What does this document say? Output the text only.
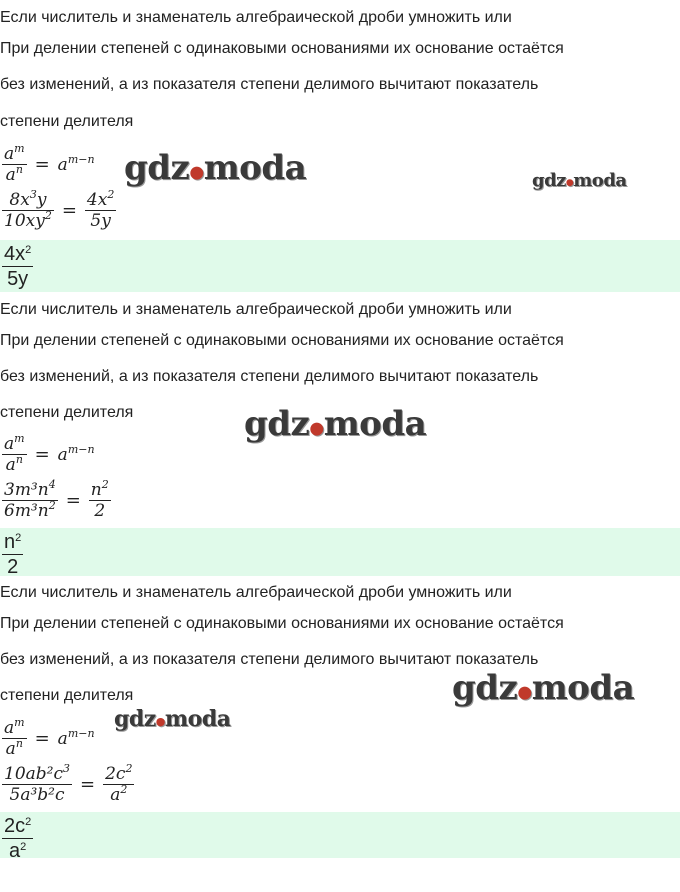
Если числитель и знаменатель алгебраической дроби умножить или
При делении степеней с одинаковыми основаниями их основание остаётся
без изменений, а из показателя степени делимого вычитают показатель
степени делителя
$\frac{a^m}{a^n} = a^{m-n}$
$\frac{8x^3y}{10xy^2} = \frac{4x^2}{5y}$
$\frac{4x^2}{5y}$
gdz●moda	gdz●moda
Если числитель и знаменатель алгебраической дроби умножить или
При делении степеней с одинаковыми основаниями их основание остаётся
без изменений, а из показателя степени делимого вычитают показатель
степени делителя
$\frac{a^m}{a^n} = a^{m-n}$
$\frac{3m^3n^4}{6m^3n^2} = \frac{n^2}{2}$
$\frac{n^2}{2}$
gdz●moda
Если числитель и знаменатель алгебраической дроби умножить или
При делении степеней с одинаковыми основаниями их основание остаётся
без изменений, а из показателя степени делимого вычитают показатель
степени делителя
$\frac{a^m}{a^n} = a^{m-n}$
$\frac{10ab^2c^3}{\text{5a³b²c}} = \frac{2c^2}{a^2}$
$\frac{2c^2}{a^2}$
gdz●moda
gdz●moda
